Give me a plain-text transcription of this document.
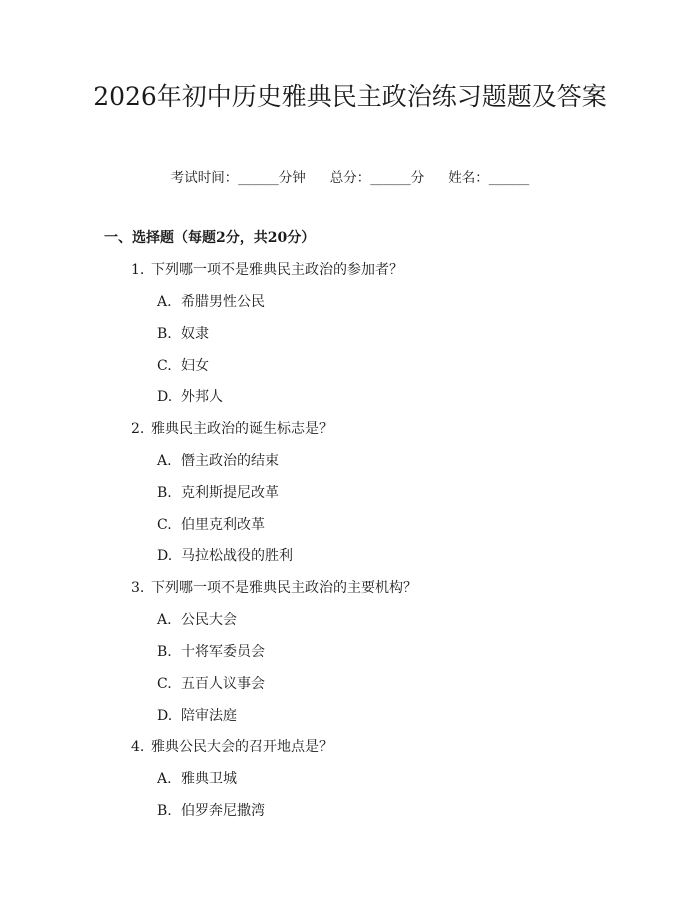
2026年初中历史雅典民主政治练习题题及答案
考试时间：______分钟 总分：______分 姓名：______
一、选择题（每题2分，共20分）
1. 下列哪一项不是雅典民主政治的参加者？
A. 希腊男性公民
B. 奴隶
C. 妇女
D. 外邦人
2. 雅典民主政治的诞生标志是？
A. 僭主政治的结束
B. 克利斯提尼改革
C. 伯里克利改革
D. 马拉松战役的胜利
3. 下列哪一项不是雅典民主政治的主要机构？
A. 公民大会
B. 十将军委员会
C. 五百人议事会
D. 陪审法庭
4. 雅典公民大会的召开地点是？
A. 雅典卫城
B. 伯罗奔尼撒湾
